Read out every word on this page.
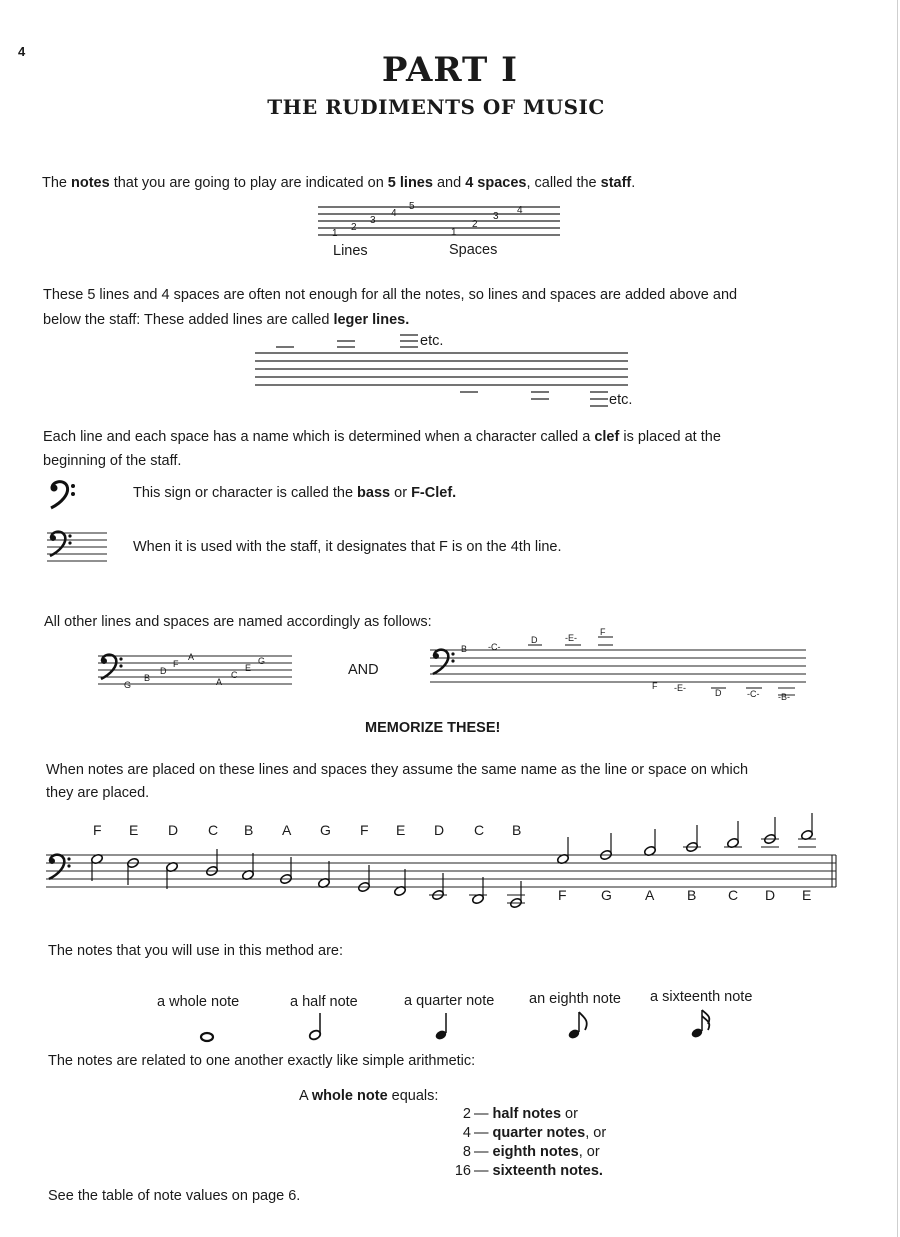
4	PART I
THE RUDIMENTS OF MUSIC
The notes that you are going to play are indicated on 5 lines and 4 spaces, called the staff.
1
2
3
4
5
1
2
3
4
Lines	Spaces
These 5 lines and 4 spaces are often not enough for all the notes, so lines and spaces are added above and
below the staff: These added lines are called leger lines.
etc.
etc.
Each line and each space has a name which is determined when a character called a clef is placed at the
beginning of the staff.
This sign or character is called the bass or F-Clef.
When it is used with the staff, it designates that F is on the 4th line.
All other lines and spaces are named accordingly as follows:
G
B
D
F
A
A
C
E
G
AND
B -C-
D	-E-
F
F -E-	D	-C- -B-
MEMORIZE THESE!
When notes are placed on these lines and spaces they assume the same name as the line or space on which
they are placed.
F E D C B A G F E D C B
F G A B C D E
The notes that you will use in this method are:
a whole note	a half note	a quarter note an eighth note a sixteenth note
The notes are related to one another exactly like simple arithmetic:
A whole note equals:
2 — half notes or
4 — quarter notes, or
8 — eighth notes, or
16 — sixteenth notes.
See the table of note values on page 6.
